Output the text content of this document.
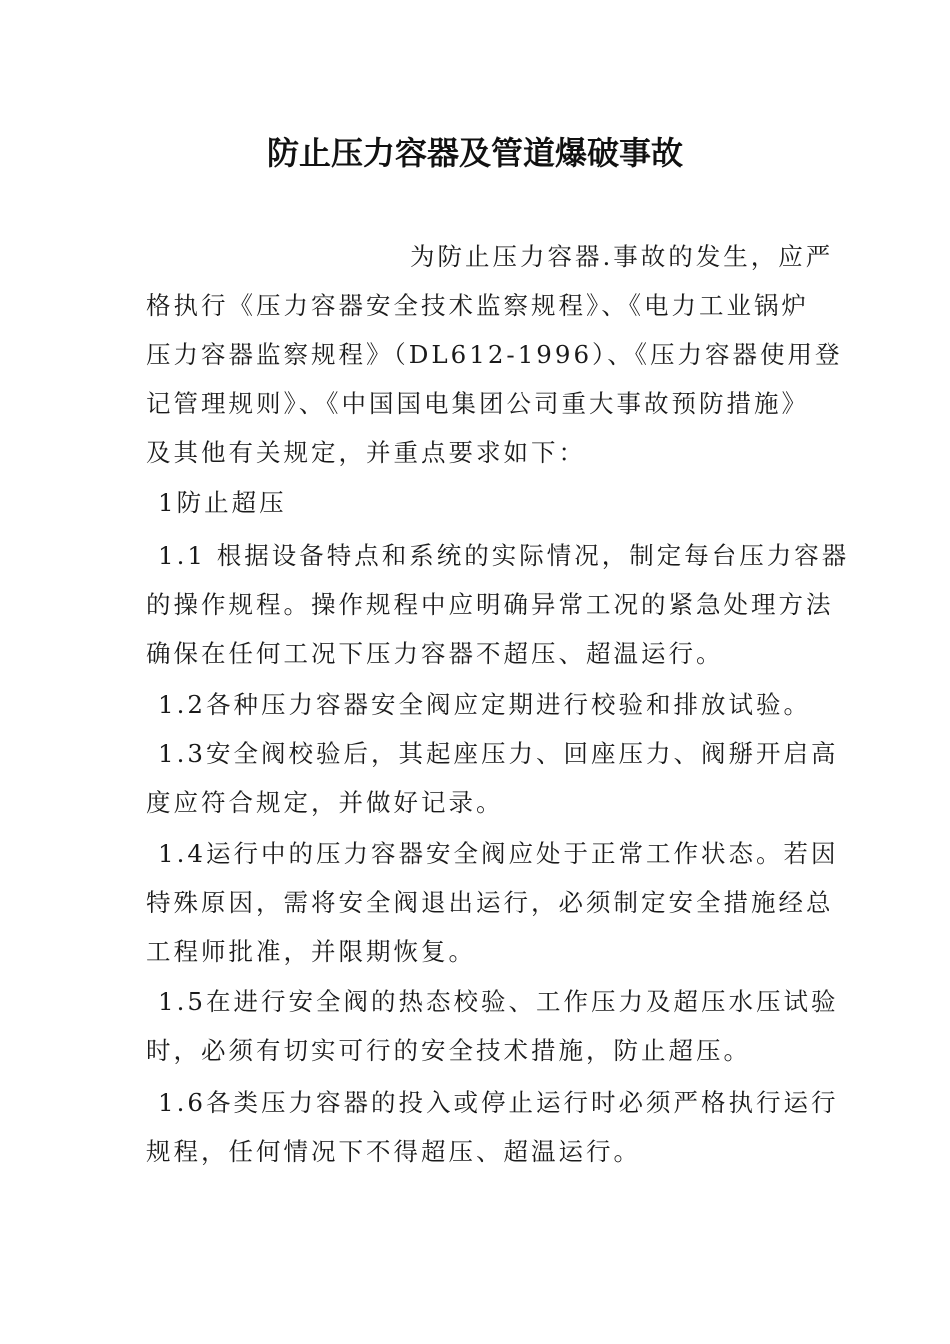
防止压力容器及管道爆破事故
为防止压力容器.事故的发生，应严
格执行《压力容器安全技术监察规程》、《电力工业锅炉
压力容器监察规程》（DL612-1996）、《压力容器使用登
记管理规则》、《中国国电集团公司重大事故预防措施》
及其他有关规定，并重点要求如下：
1防止超压
1.1 根据设备特点和系统的实际情况，制定每台压力容器
的操作规程。操作规程中应明确异常工况的紧急处理方法
确保在任何工况下压力容器不超压、超温运行。
1.2各种压力容器安全阀应定期进行校验和排放试验。
1.3安全阀校验后，其起座压力、回座压力、阀掰开启高
度应符合规定，并做好记录。
1.4运行中的压力容器安全阀应处于正常工作状态。若因
特殊原因，需将安全阀退出运行，必须制定安全措施经总
工程师批准，并限期恢复。
1.5在进行安全阀的热态校验、工作压力及超压水压试验
时，必须有切实可行的安全技术措施，防止超压。
1.6各类压力容器的投入或停止运行时必须严格执行运行
规程，任何情况下不得超压、超温运行。
